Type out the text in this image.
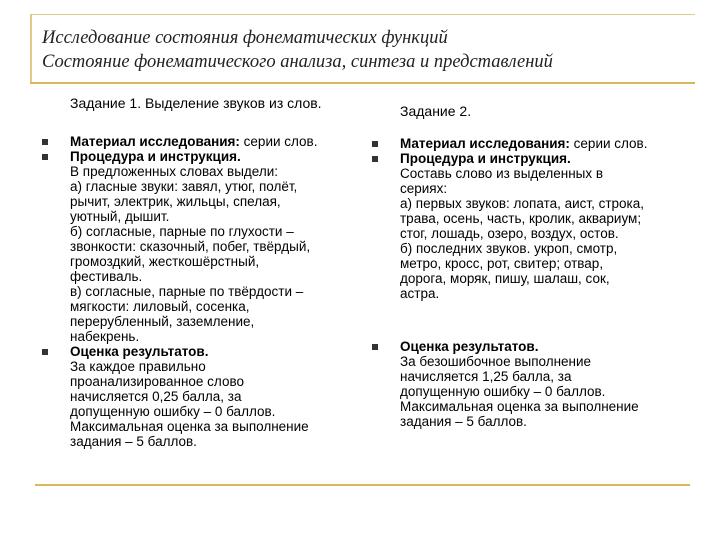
Исследование состояния фонематических функций
Состояние фонематического анализа, синтеза и представлений
Задание 1. Выделение звуков из слов.
Материал исследования: серии слов.
Процедура и инструкция.
В предложенных словах выдели:
а) гласные звуки: завял, утюг, полёт,
рычит, электрик, жильцы, спелая,
уютный, дышит.
б) согласные, парные по глухости –
звонкости: сказочный, побег, твёрдый,
громоздкий, жесткошёрстный,
фестиваль.
в) согласные, парные по твёрдости –
мягкости: лиловый, сосенка,
перерубленный, заземление,
набекрень.
Оценка результатов.
За каждое правильно
проанализированное слово
начисляется 0,25 балла, за
допущенную ошибку – 0 баллов.
Максимальная оценка за выполнение
задания – 5 баллов.
Задание 2.
Материал исследования: серии слов.
Процедура и инструкция.
Составь слово из выделенных в
сериях:
а) первых звуков: лопата, аист, строка,
трава, осень, часть, кролик, аквариум;
стог, лошадь, озеро, воздух, остов.
б) последних звуков. укроп, смотр,
метро, кросс, рот, свитер; отвар,
дорога, моряк, пишу, шалаш, сок,
астра.
Оценка результатов.
За безошибочное выполнение
начисляется 1,25 балла, за
допущенную ошибку – 0 баллов.
Максимальная оценка за выполнение
задания – 5 баллов.
